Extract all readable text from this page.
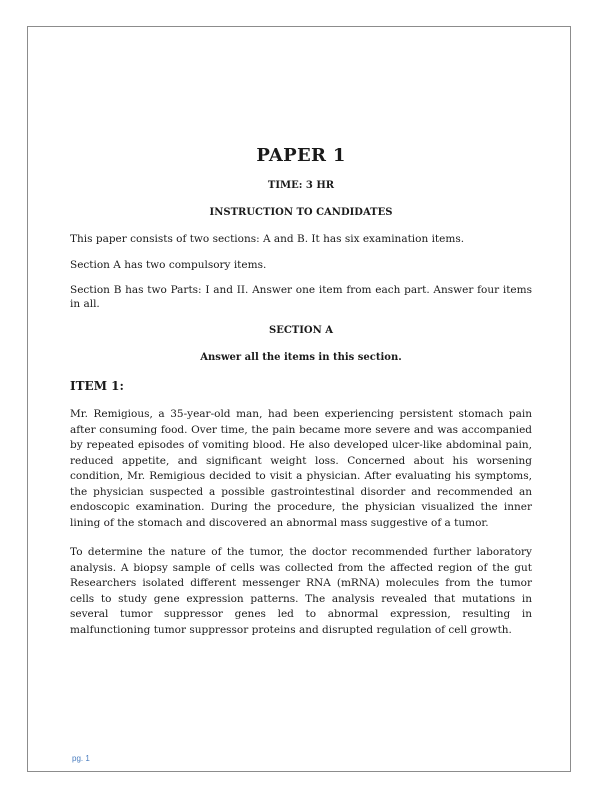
PAPER 1
TIME: 3 HR
INSTRUCTION TO CANDIDATES

This paper consists of two sections: A and B. It has six examination items.

Section A has two compulsory items.

Section B has two Parts: I and II. Answer one item from each part. Answer four items in all.

SECTION A
Answer all the items in this section.
ITEM 1:

Mr. Remigious, a 35-year-old man, had been experiencing persistent stomach pain after consuming food. Over time, the pain became more severe and was accompanied by repeated episodes of vomiting blood. He also developed ulcer-like abdominal pain, reduced appetite, and significant weight loss. Concerned about his worsening condition, Mr. Remigious decided to visit a physician. After evaluating his symptoms, the physician suspected a possible gastrointestinal disorder and recommended an endoscopic examination. During the procedure, the physician visualized the inner lining of the stomach and discovered an abnormal mass suggestive of a tumor.

To determine the nature of the tumor, the doctor recommended further laboratory analysis. A biopsy sample of cells was collected from the affected region of the gut Researchers isolated different messenger RNA (mRNA) molecules from the tumor cells to study gene expression patterns. The analysis revealed that mutations in several tumor suppressor genes led to abnormal expression, resulting in malfunctioning tumor suppressor proteins and disrupted regulation of cell growth.

pg. 1
